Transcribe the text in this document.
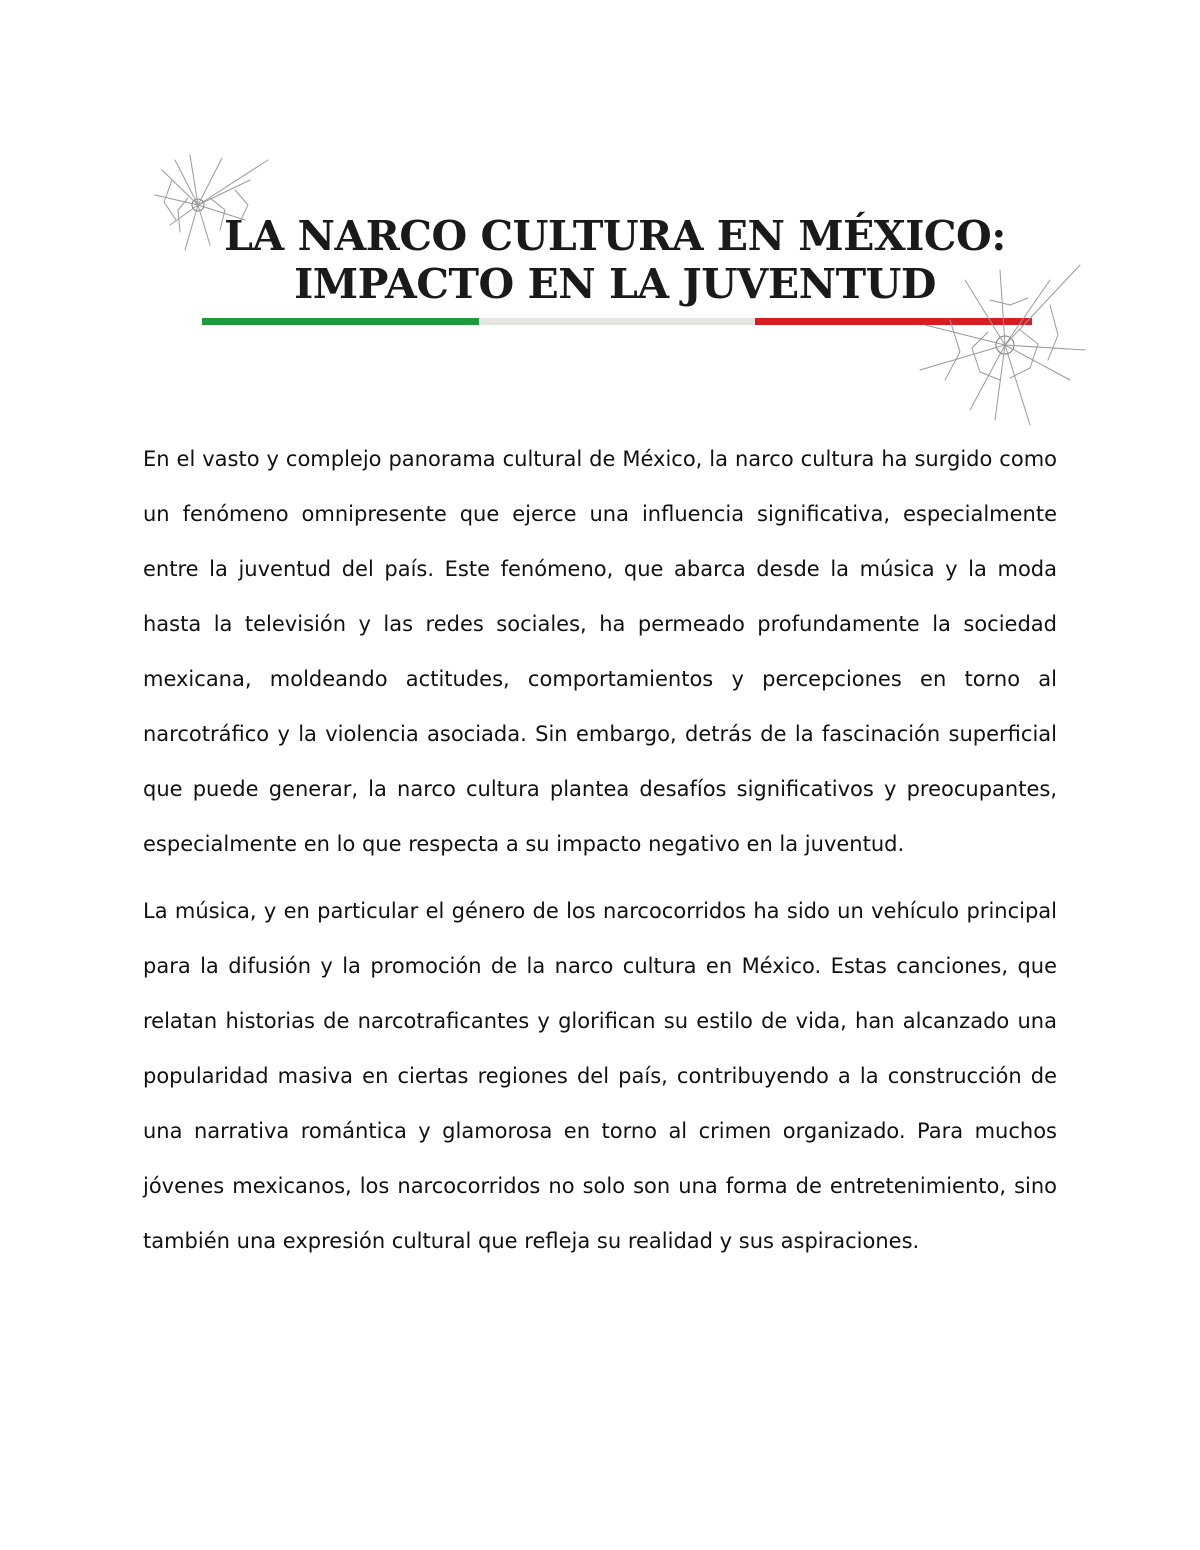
LA NARCO CULTURA EN MÉXICO:
IMPACTO EN LA JUVENTUD

En el vasto y complejo panorama cultural de México, la narco cultura ha surgido como un fenómeno omnipresente que ejerce una influencia significativa, especialmente entre la juventud del país. Este fenómeno, que abarca desde la música y la moda hasta la televisión y las redes sociales, ha permeado profundamente la sociedad mexicana, moldeando actitudes, comportamientos y percepciones en torno al narcotráfico y la violencia asociada. Sin embargo, detrás de la fascinación superficial que puede generar, la narco cultura plantea desafíos significativos y preocupantes, especialmente en lo que respecta a su impacto negativo en la juventud.

La música, y en particular el género de los narcocorridos ha sido un vehículo principal para la difusión y la promoción de la narco cultura en México. Estas canciones, que relatan historias de narcotraficantes y glorifican su estilo de vida, han alcanzado una popularidad masiva en ciertas regiones del país, contribuyendo a la construcción de una narrativa romántica y glamorosa en torno al crimen organizado. Para muchos jóvenes mexicanos, los narcocorridos no solo son una forma de entretenimiento, sino también una expresión cultural que refleja su realidad y sus aspiraciones.
